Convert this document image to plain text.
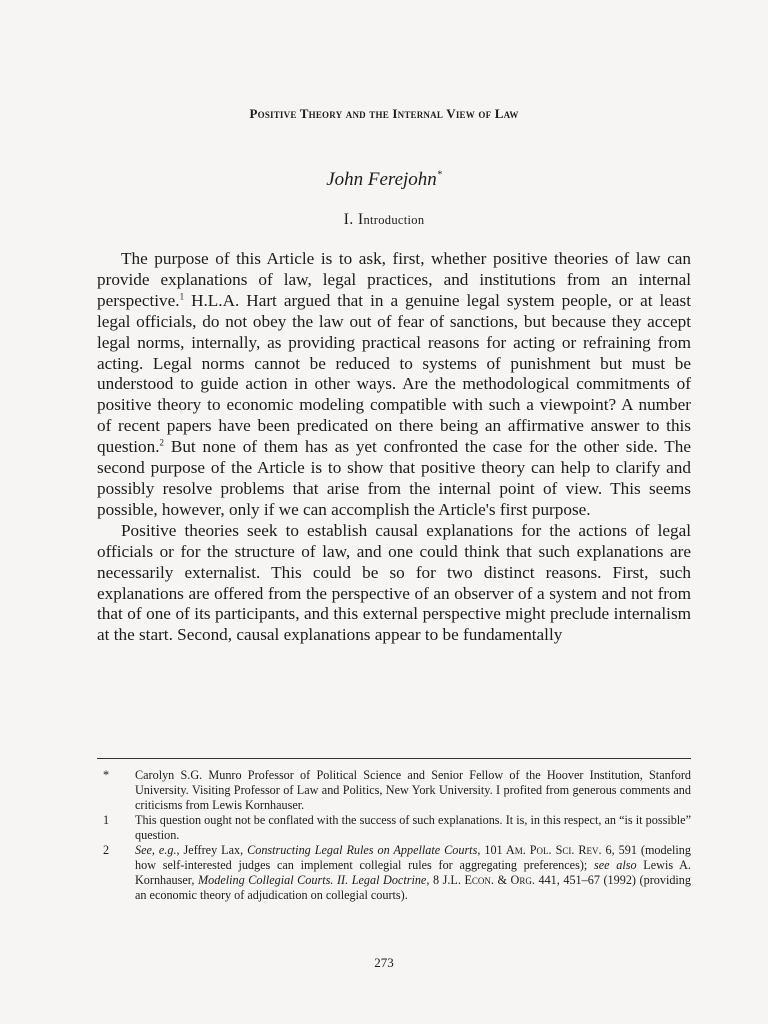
Positive Theory and the Internal View of Law
John Ferejohn*
I. Introduction

The purpose of this Article is to ask, first, whether positive theories of law can provide explanations of law, legal practices, and institutions from an internal perspective.$^1$ H.L.A. Hart argued that in a genuine legal system people, or at least legal officials, do not obey the law out of fear of sanctions, but because they accept legal norms, internally, as providing practical reasons for acting or refraining from acting. Legal norms cannot be reduced to systems of punishment but must be understood to guide action in other ways. Are the methodological commitments of positive theory to economic modeling compatible with such a viewpoint? A number of recent papers have been predicated on there being an affirmative answer to this question.$^2$ But none of them has as yet confronted the case for the other side. The second purpose of the Article is to show that positive theory can help to clarify and possibly resolve problems that arise from the internal point of view. This seems possible, however, only if we can accomplish the Article's first purpose.

Positive theories seek to establish causal explanations for the actions of legal officials or for the structure of law, and one could think that such explanations are necessarily externalist. This could be so for two distinct reasons. First, such explanations are offered from the perspective of an observer of a system and not from that of one of its participants, and this external perspective might preclude internalism at the start. Second, causal explanations appear to be fundamentally

*	Carolyn S.G. Munro Professor of Political Science and Senior Fellow of the Hoover Institution, Stanford University. Visiting Professor of Law and Politics, New York University. I profited from generous comments and criticisms from Lewis Kornhauser.
1	This question ought not be conflated with the success of such explanations. It is, in this respect, an “is it possible” question.
2	See, e.g., Jeffrey Lax, Constructing Legal Rules on Appellate Courts, 101 Am. Pol. Sci. Rev. 6, 591 (modeling how self-interested judges can implement collegial rules for aggregating preferences); see also Lewis A. Kornhauser, Modeling Collegial Courts. II. Legal Doctrine, 8 J.L. Econ. & Org. 441, 451–67 (1992) (providing an economic theory of adjudication on collegial courts).
273
